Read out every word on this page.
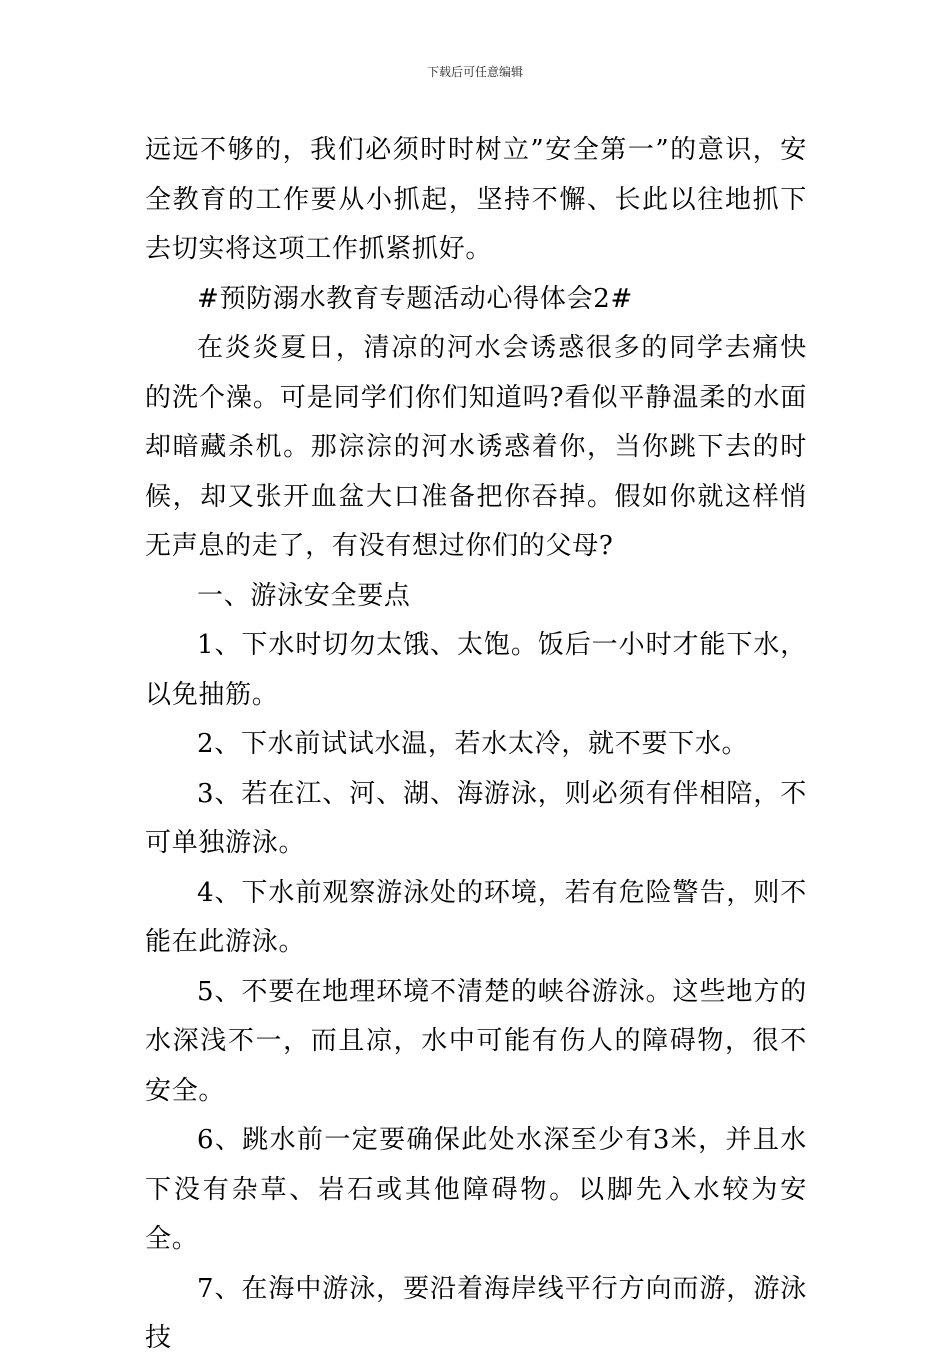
下载后可任意编辑

远远不够的，我们必须时时树立”安全第一”的意识，安全教育的工作要从小抓起，坚持不懈、长此以往地抓下去切实将这项工作抓紧抓好。

#预防溺水教育专题活动心得体会2#

在炎炎夏日，清凉的河水会诱惑很多的同学去痛快的洗个澡。可是同学们你们知道吗?看似平静温柔的水面却暗藏杀机。那淙淙的河水诱惑着你，当你跳下去的时候，却又张开血盆大口准备把你吞掉。假如你就这样悄无声息的走了，有没有想过你们的父母?

一、游泳安全要点

1、下水时切勿太饿、太饱。饭后一小时才能下水，以免抽筋。

2、下水前试试水温，若水太冷，就不要下水。

3、若在江、河、湖、海游泳，则必须有伴相陪，不可单独游泳。

4、下水前观察游泳处的环境，若有危险警告，则不能在此游泳。

5、不要在地理环境不清楚的峡谷游泳。这些地方的水深浅不一，而且凉，水中可能有伤人的障碍物，很不安全。

6、跳水前一定要确保此处水深至少有3米，并且水下没有杂草、岩石或其他障碍物。以脚先入水较为安全。

7、在海中游泳，要沿着海岸线平行方向而游，游泳技
